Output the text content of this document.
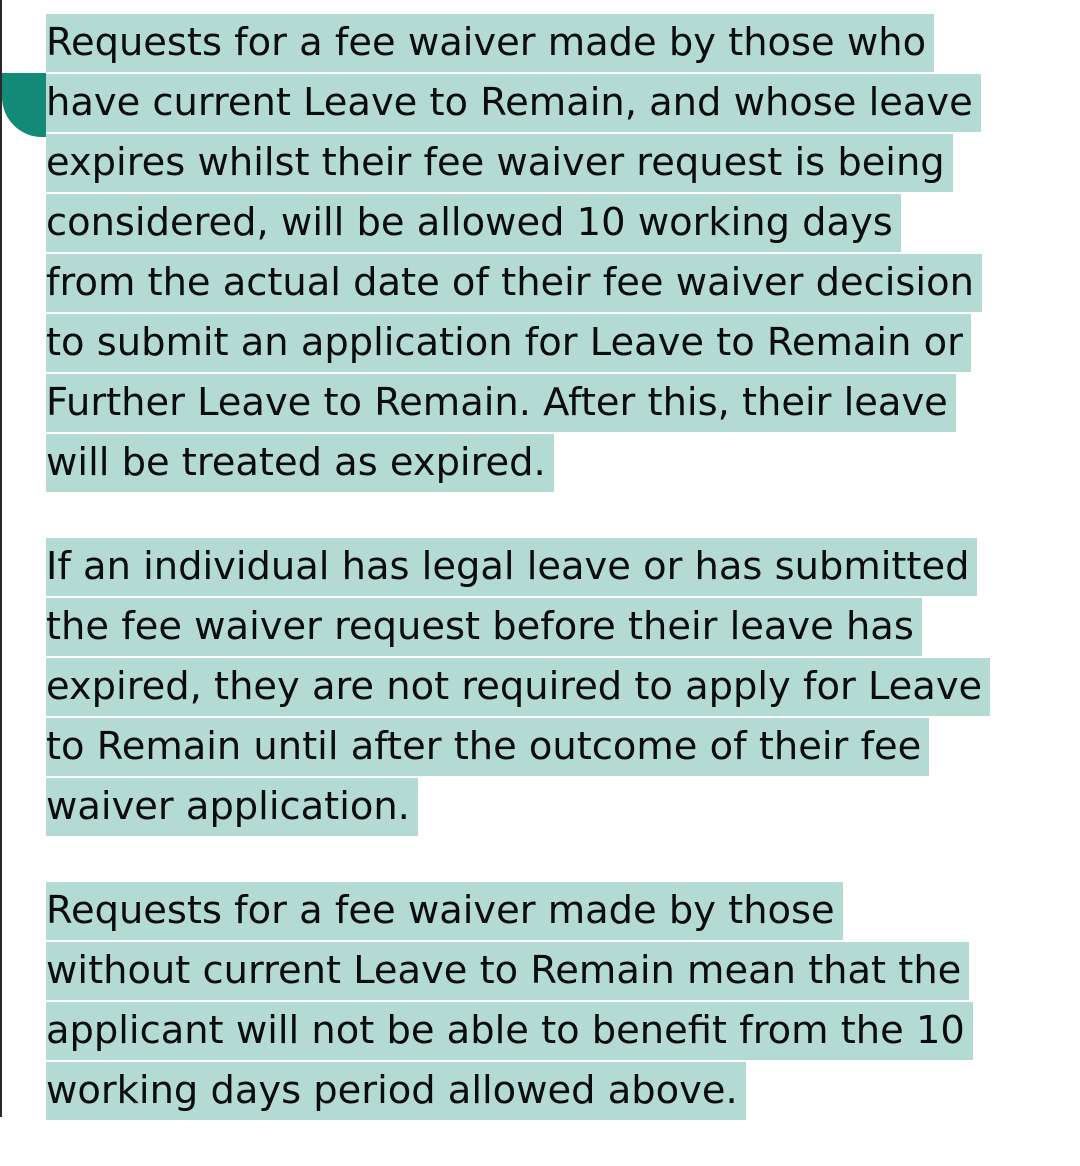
Requests for a fee waiver made by those who
have current Leave to Remain, and whose leave
expires whilst their fee waiver request is being
considered, will be allowed 10 working days
from the actual date of their fee waiver decision
to submit an application for Leave to Remain or
Further Leave to Remain. After this, their leave
will be treated as expired.

If an individual has legal leave or has submitted
the fee waiver request before their leave has
expired, they are not required to apply for Leave
to Remain until after the outcome of their fee
waiver application.

Requests for a fee waiver made by those
without current Leave to Remain mean that the
applicant will not be able to benefit from the 10
working days period allowed above.
